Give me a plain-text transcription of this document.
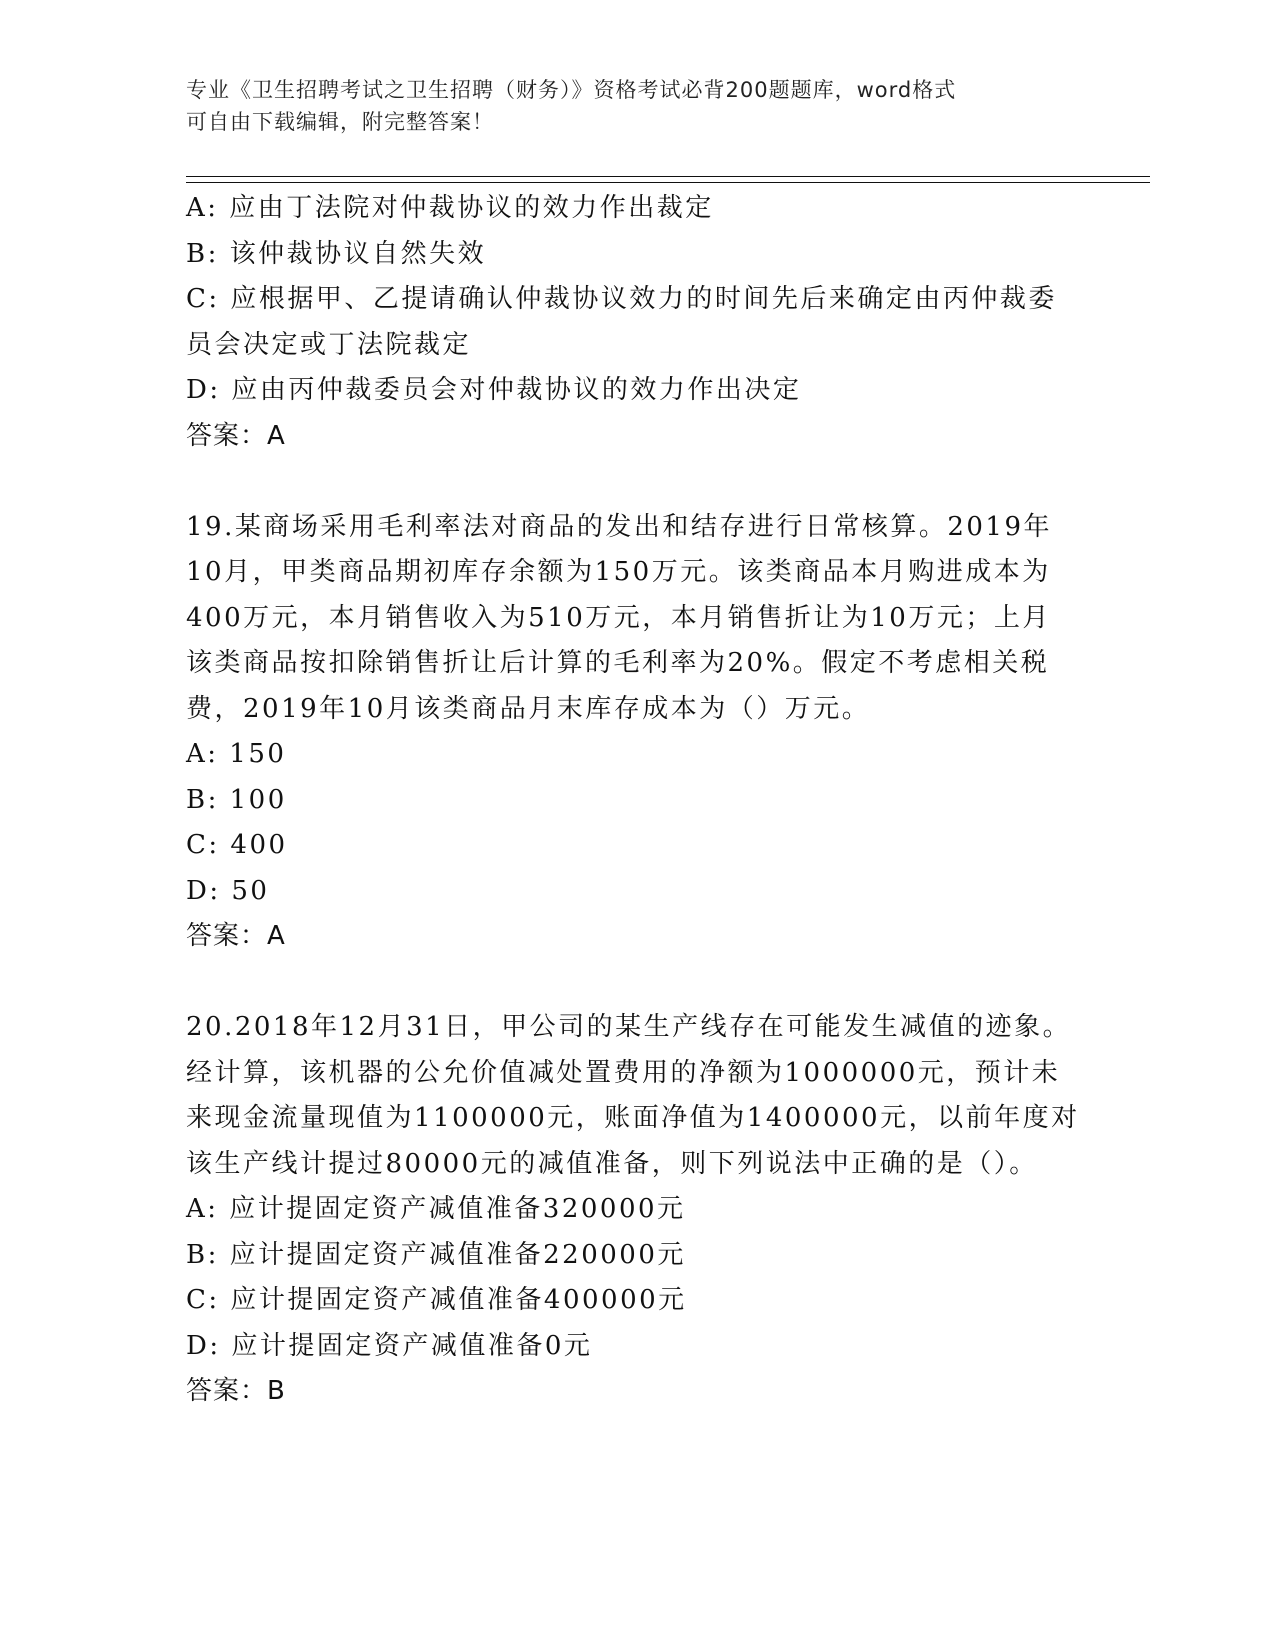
专业《卫生招聘考试之卫生招聘（财务）》资格考试必背200题题库，word格式

可自由下载编辑，附完整答案！

A: 应由丁法院对仲裁协议的效力作出裁定

B: 该仲裁协议自然失效

C: 应根据甲、乙提请确认仲裁协议效力的时间先后来确定由丙仲裁委

员会决定或丁法院裁定

D: 应由丙仲裁委员会对仲裁协议的效力作出决定

答案：A

19.某商场采用毛利率法对商品的发出和结存进行日常核算。2019年

10月，甲类商品期初库存余额为150万元。该类商品本月购进成本为

400万元，本月销售收入为510万元，本月销售折让为10万元；上月

该类商品按扣除销售折让后计算的毛利率为20%。假定不考虑相关税

费，2019年10月该类商品月末库存成本为（）万元。

A: 150

B: 100

C: 400

D: 50

答案：A

20.2018年12月31日，甲公司的某生产线存在可能发生减值的迹象。

经计算，该机器的公允价值减处置费用的净额为1000000元，预计未

来现金流量现值为1100000元，账面净值为1400000元，以前年度对

该生产线计提过80000元的减值准备，则下列说法中正确的是（）。

A: 应计提固定资产减值准备320000元

B: 应计提固定资产减值准备220000元

C: 应计提固定资产减值准备400000元

D: 应计提固定资产减值准备0元

答案：B
